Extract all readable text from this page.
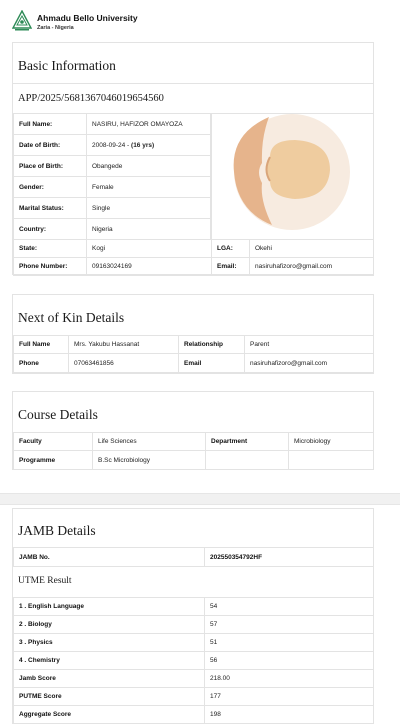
Ahmadu Bello University
Zaria - Nigeria
Basic Information
APP/2025/5681367046019654560
Full Name:	NASIRU, HAFIZOR OMAYOZA
Date of Birth:	2008-09-24 - (16 yrs)
Place of Birth:	Obangede
Gender:	Female
Marital Status:	Single
Country:	Nigeria
State:	Kogi	LGA:	Okehi
Phone Number:	09163024169	Email:	nasiruhafizoro@gmail.com
Next of Kin Details
Full Name	Mrs. Yakubu Hassanat	Relationship	Parent
Phone	07063461856	Email	nasiruhafizoro@gmail.com
Course Details
Faculty	Life Sciences	Department	Microbiology
Programme	B.Sc Microbiology		
JAMB Details
JAMB No.	202550354792HF
UTME Result
1 . English Language	54
2 . Biology	57
3 . Physics	51
4 . Chemistry	56
Jamb Score	218.00
PUTME Score	177
Aggregate Score	198
